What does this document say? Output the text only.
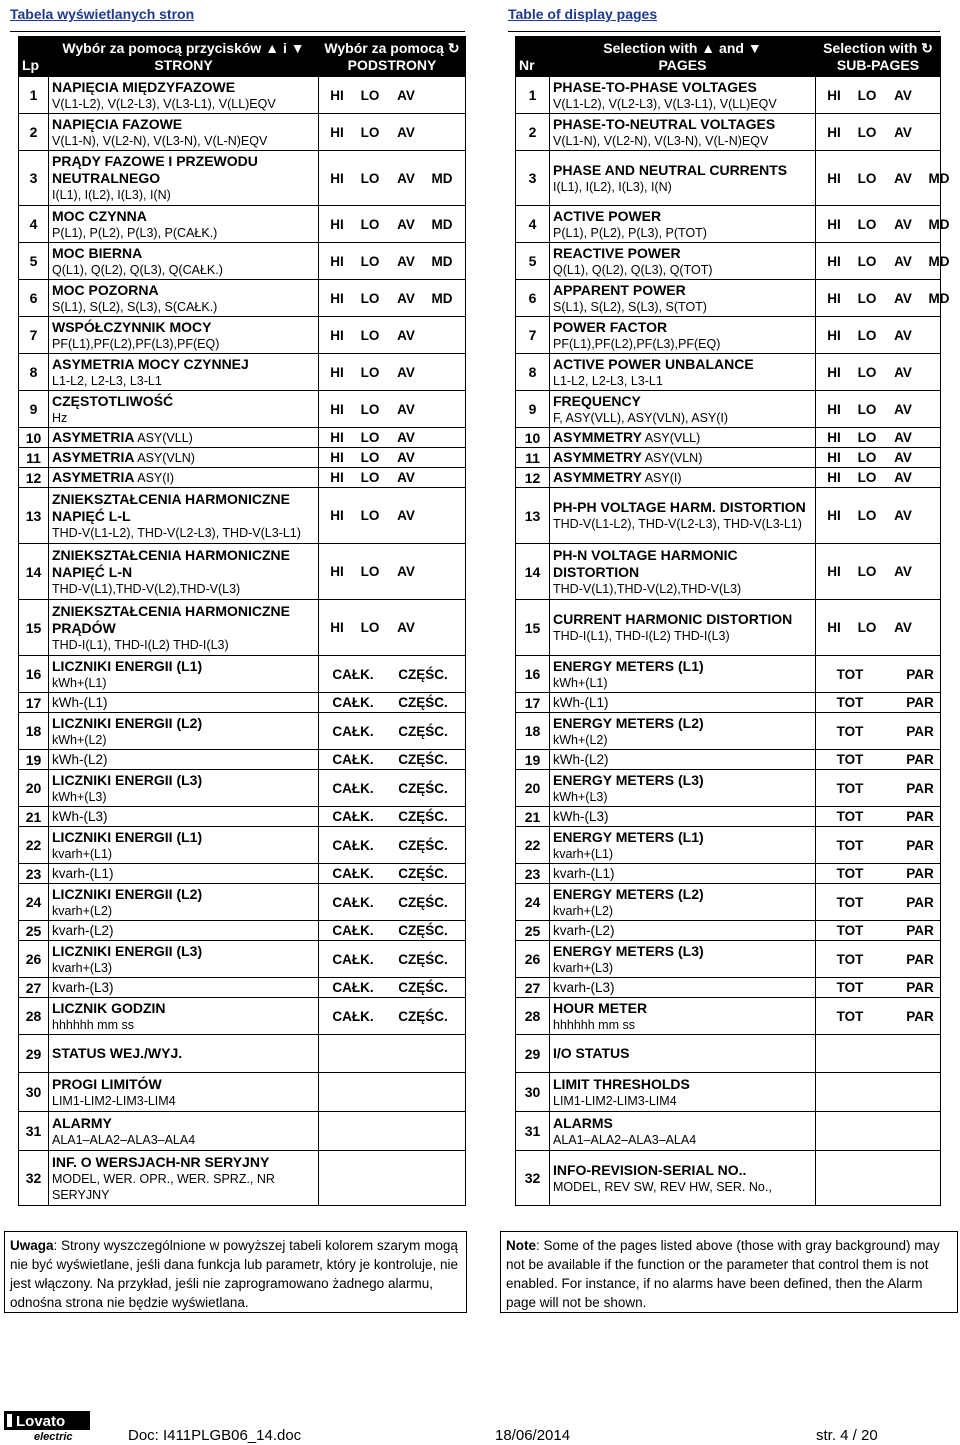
Tabela wyświetlanych stron	Table of display pages
Lp	Wybór za pomocą przycisków ▲ i ▼
STRONY	Wybór za pomocą ↻
PODSTRONY
1	NAPIĘCIA MIĘDZYFAZOWE
V(L1-L2), V(L2-L3), V(L3-L1), V(LL)EQV	HI LO AV
2	NAPIĘCIA FAZOWE
V(L1-N), V(L2-N), V(L3-N), V(L-N)EQV	HI LO AV
3	PRĄDY FAZOWE I PRZEWODU NEUTRALNEGO
I(L1), I(L2), I(L3), I(N)	HI LO AV MD
4	MOC CZYNNA
P(L1), P(L2), P(L3), P(CAŁK.)	HI LO AV MD
5	MOC BIERNA
Q(L1), Q(L2), Q(L3), Q(CAŁK.)	HI LO AV MD
6	MOC POZORNA
S(L1), S(L2), S(L3), S(CAŁK.)	HI LO AV MD
7	WSPÓŁCZYNNIK MOCY
PF(L1),PF(L2),PF(L3),PF(EQ)	HI LO AV
8	ASYMETRIA MOCY CZYNNEJ
L1-L2, L2-L3, L3-L1	HI LO AV
9	CZĘSTOTLIWOŚĆ
Hz	HI LO AV
10	ASYMETRIA ASY(VLL)	HI LO AV
11	ASYMETRIA ASY(VLN)	HI LO AV
12	ASYMETRIA ASY(I)	HI LO AV
13	ZNIEKSZTAŁCENIA HARMONICZNE NAPIĘĆ L-L
THD-V(L1-L2), THD-V(L2-L3), THD-V(L3-L1)	HI LO AV
14	ZNIEKSZTAŁCENIA HARMONICZNE NAPIĘĆ L-N
THD-V(L1),THD-V(L2),THD-V(L3)	HI LO AV
15	ZNIEKSZTAŁCENIA HARMONICZNE PRĄDÓW
THD-I(L1), THD-I(L2) THD-I(L3)	HI LO AV
16	LICZNIKI ENERGII (L1)
kWh+(L1)	CAŁK. CZĘŚC.
17	kWh-(L1)	CAŁK. CZĘŚC.
18	LICZNIKI ENERGII (L2)
kWh+(L2)	CAŁK. CZĘŚC.
19	kWh-(L2)	CAŁK. CZĘŚC.
20	LICZNIKI ENERGII (L3)
kWh+(L3)	CAŁK. CZĘŚC.
21	kWh-(L3)	CAŁK. CZĘŚC.
22	LICZNIKI ENERGII (L1)
kvarh+(L1)	CAŁK. CZĘŚC.
23	kvarh-(L1)	CAŁK. CZĘŚC.
24	LICZNIKI ENERGII (L2)
kvarh+(L2)	CAŁK. CZĘŚC.
25	kvarh-(L2)	CAŁK. CZĘŚC.
26	LICZNIKI ENERGII (L3)
kvarh+(L3)	CAŁK. CZĘŚC.
27	kvarh-(L3)	CAŁK. CZĘŚC.
28	LICZNIK GODZIN
hhhhhh mm ss	CAŁK. CZĘŚC.
29	STATUS WEJ./WYJ.	
30	PROGI LIMITÓW
LIM1-LIM2-LIM3-LIM4	
31	ALARMY
ALA1–ALA2–ALA3–ALA4	
32	INF. O WERSJACH-NR SERYJNY
MODEL, WER. OPR., WER. SPRZ., NR SERYJNY	
Nr	Selection with ▲ and ▼
PAGES	Selection with ↻
SUB-PAGES
1	PHASE-TO-PHASE VOLTAGES
V(L1-L2), V(L2-L3), V(L3-L1), V(LL)EQV	HI LO AV
2	PHASE-TO-NEUTRAL VOLTAGES
V(L1-N), V(L2-N), V(L3-N), V(L-N)EQV	HI LO AV
3	PHASE AND NEUTRAL CURRENTS
I(L1), I(L2), I(L3), I(N)	HI LO AV MD
4	ACTIVE POWER
P(L1), P(L2), P(L3), P(TOT)	HI LO AV MD
5	REACTIVE POWER
Q(L1), Q(L2), Q(L3), Q(TOT)	HI LO AV MD
6	APPARENT POWER
S(L1), S(L2), S(L3), S(TOT)	HI LO AV MD
7	POWER FACTOR
PF(L1),PF(L2),PF(L3),PF(EQ)	HI LO AV
8	ACTIVE POWER UNBALANCE
L1-L2, L2-L3, L3-L1	HI LO AV
9	FREQUENCY
F, ASY(VLL), ASY(VLN), ASY(I)	HI LO AV
10	ASYMMETRY ASY(VLL)	HI LO AV
11	ASYMMETRY ASY(VLN)	HI LO AV
12	ASYMMETRY ASY(I)	HI LO AV
13	PH-PH VOLTAGE HARM. DISTORTION
THD-V(L1-L2), THD-V(L2-L3), THD-V(L3-L1)	HI LO AV
14	PH-N VOLTAGE HARMONIC DISTORTION
THD-V(L1),THD-V(L2),THD-V(L3)	HI LO AV
15	CURRENT HARMONIC DISTORTION
THD-I(L1), THD-I(L2) THD-I(L3)	HI LO AV
16	ENERGY METERS (L1)
kWh+(L1)	TOT PAR
17	kWh-(L1)	TOT PAR
18	ENERGY METERS (L2)
kWh+(L2)	TOT PAR
19	kWh-(L2)	TOT PAR
20	ENERGY METERS (L3)
kWh+(L3)	TOT PAR
21	kWh-(L3)	TOT PAR
22	ENERGY METERS (L1)
kvarh+(L1)	TOT PAR
23	kvarh-(L1)	TOT PAR
24	ENERGY METERS (L2)
kvarh+(L2)	TOT PAR
25	kvarh-(L2)	TOT PAR
26	ENERGY METERS (L3)
kvarh+(L3)	TOT PAR
27	kvarh-(L3)	TOT PAR
28	HOUR METER
hhhhhh mm ss	TOT PAR
29	I/O STATUS	
30	LIMIT THRESHOLDS
LIM1-LIM2-LIM3-LIM4	
31	ALARMS
ALA1–ALA2–ALA3–ALA4	
32	INFO-REVISION-SERIAL NO..
MODEL, REV SW, REV HW, SER. No.,	
Uwaga: Strony wyszczególnione w powyższej tabeli kolorem szarym mogą nie być wyświetlane, jeśli dana funkcja lub parametr, który je kontroluje, nie jest włączony. Na przykład, jeśli nie zaprogramowano żadnego alarmu, odnośna strona nie będzie wyświetlana.
Note: Some of the pages listed above (those with gray background) may not be available if the function or the parameter that control them is not enabled. For instance, if no alarms have been defined, then the Alarm page will not be shown.
Lovato
electric	Doc: I411PLGB06_14.doc	18/06/2014	str. 4 / 20
